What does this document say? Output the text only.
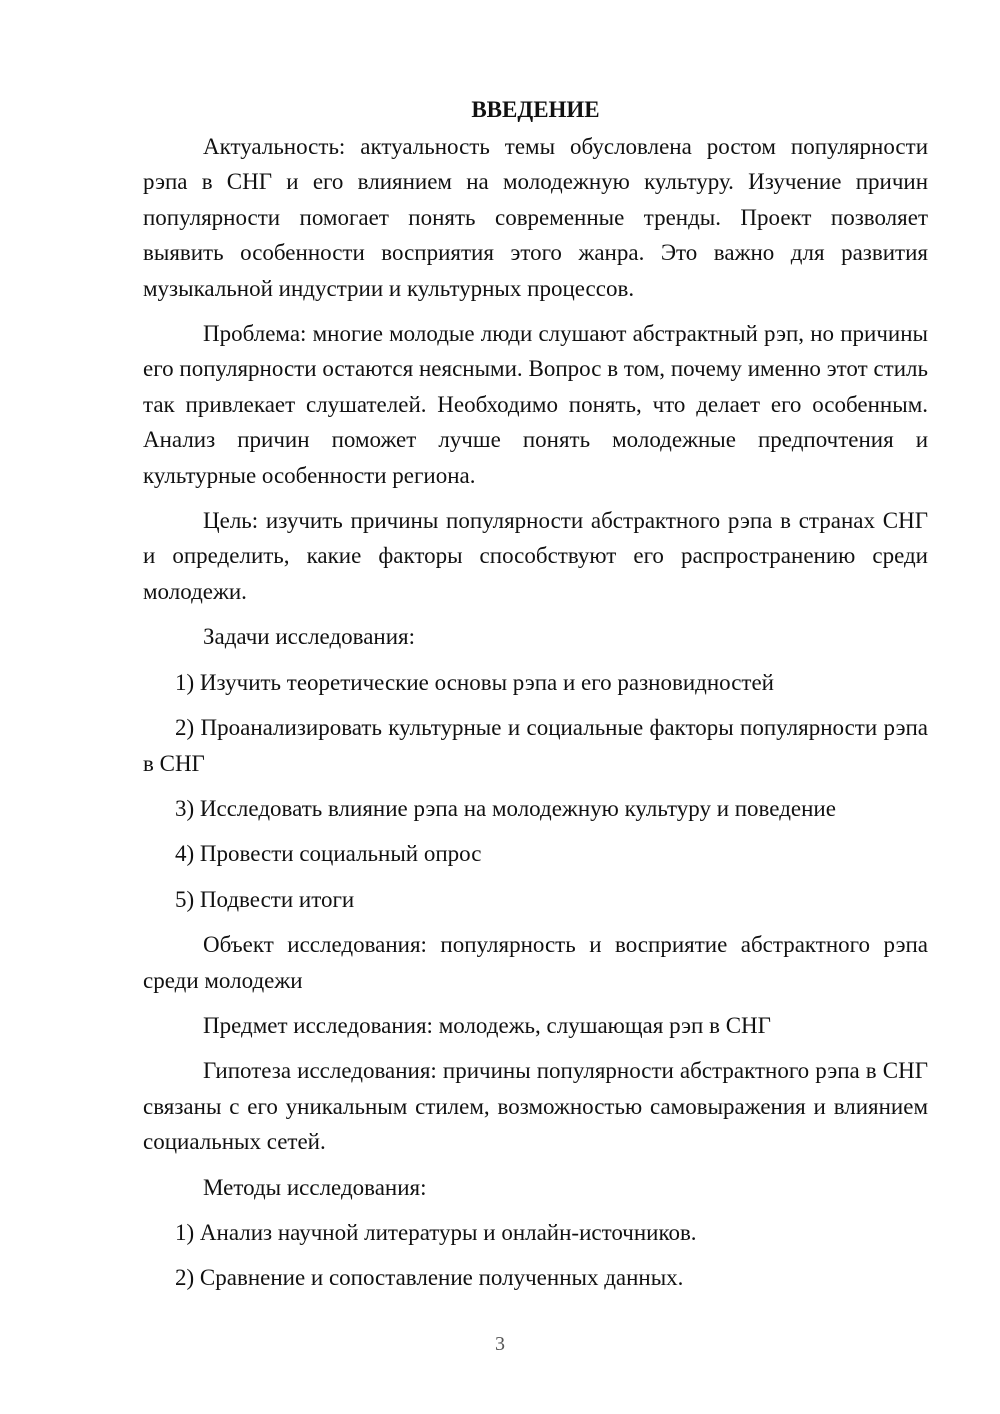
ВВЕДЕНИЕ

Актуальность: актуальность темы обусловлена ростом популярности рэпа в СНГ и его влиянием на молодежную культуру. Изучение причин популярности помогает понять современные тренды. Проект позволяет выявить особенности восприятия этого жанра. Это важно для развития музыкальной индустрии и культурных процессов.

Проблема: многие молодые люди слушают абстрактный рэп, но причины его популярности остаются неясными. Вопрос в том, почему именно этот стиль так привлекает слушателей. Необходимо понять, что делает его особенным. Анализ причин поможет лучше понять молодежные предпочтения и культурные особенности региона.

Цель: изучить причины популярности абстрактного рэпа в странах СНГ и определить, какие факторы способствуют его распространению среди молодежи.

Задачи исследования:

1) Изучить теоретические основы рэпа и его разновидностей

2) Проанализировать культурные и социальные факторы популярности рэпа в СНГ

3) Исследовать влияние рэпа на молодежную культуру и поведение

4) Провести социальный опрос

5) Подвести итоги

Объект исследования: популярность и восприятие абстрактного рэпа среди молодежи

Предмет исследования: молодежь, слушающая рэп в СНГ

Гипотеза исследования: причины популярности абстрактного рэпа в СНГ связаны с его уникальным стилем, возможностью самовыражения и влиянием социальных сетей.

Методы исследования:

1) Анализ научной литературы и онлайн-источников.

2) Сравнение и сопоставление полученных данных.

3
